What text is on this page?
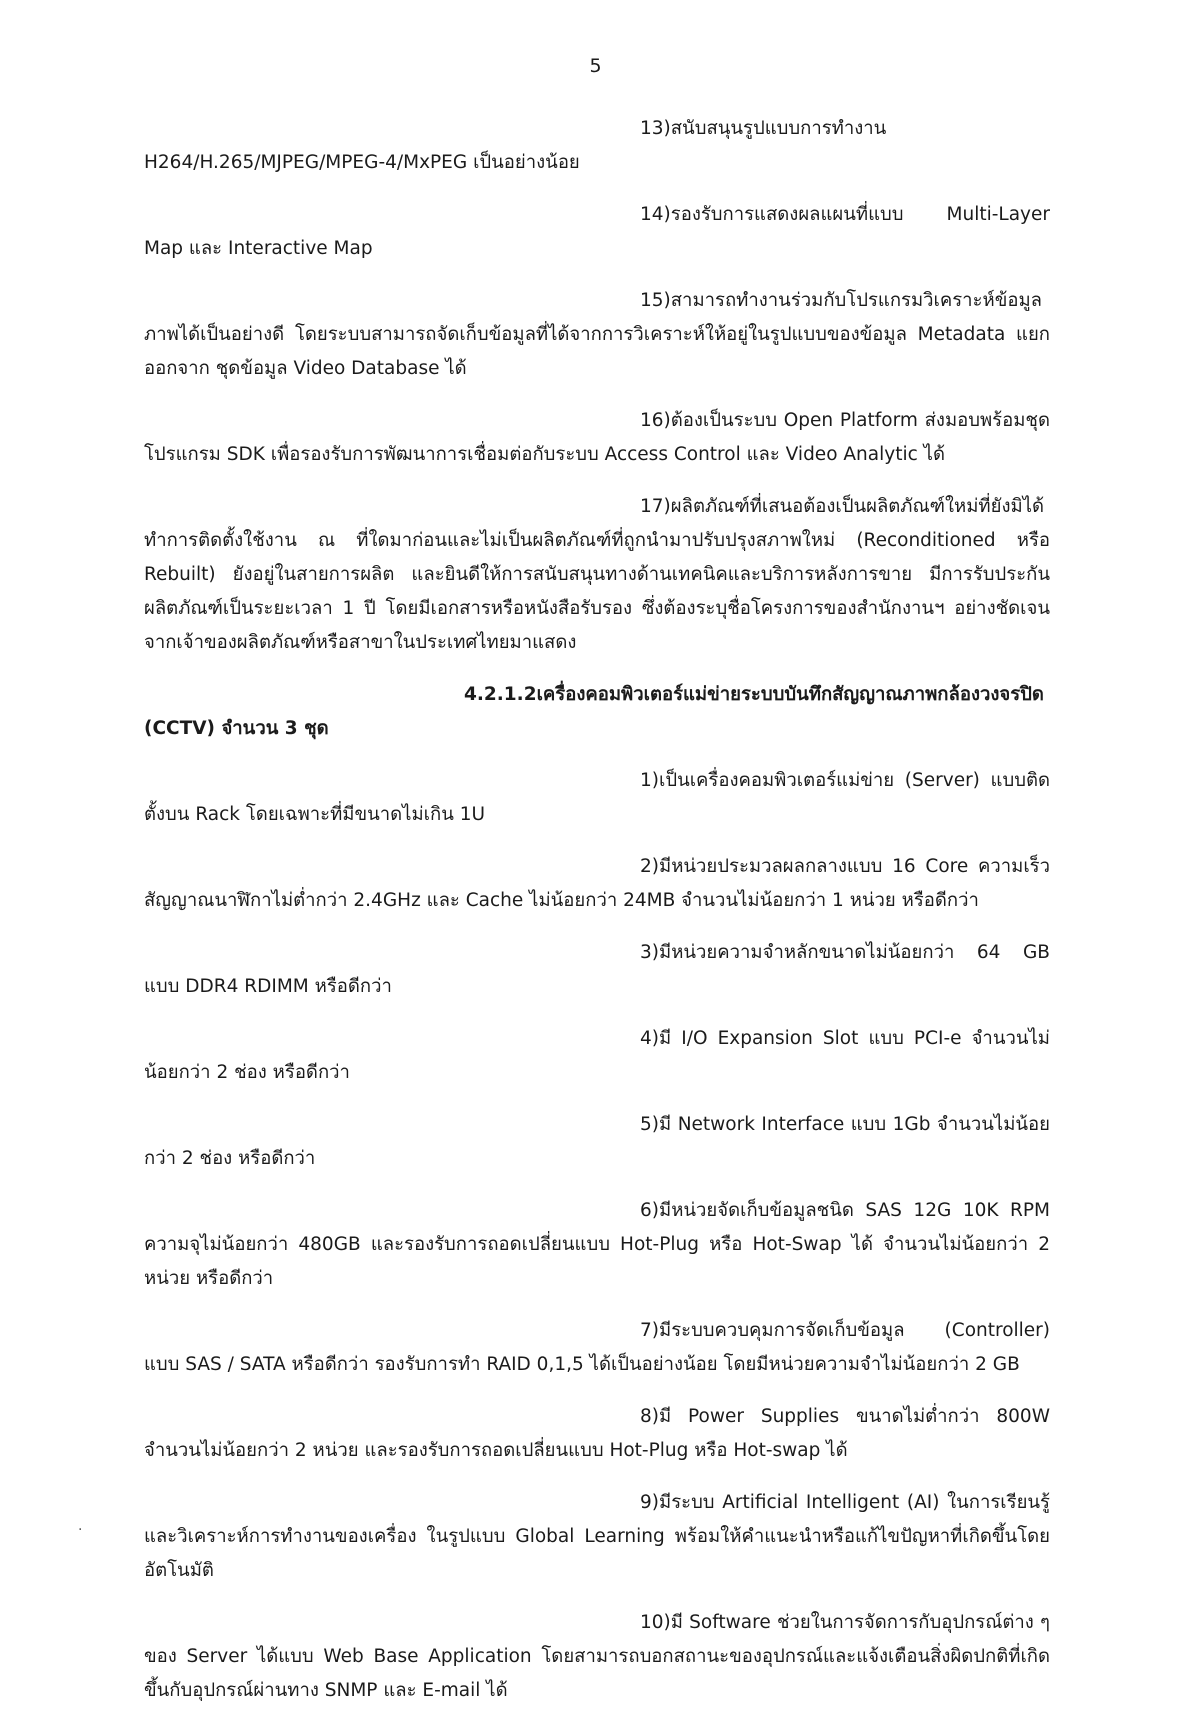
5

13)สนับสนุนรูปแบบการทำงาน H264/H.265/MJPEG/MPEG-4/MxPEG เป็นอย่างน้อย

14)รองรับการแสดงผลแผนที่แบบ Multi-Layer Map และ Interactive Map

15)สามารถทำงานร่วมกับโปรแกรมวิเคราะห์ข้อมูลภาพได้เป็นอย่างดี โดยระบบสามารถจัดเก็บข้อมูลที่ได้จากการวิเคราะห์ให้อยู่ในรูปแบบของข้อมูล Metadata แยกออกจาก ชุดข้อมูล Video Database ได้

16)ต้องเป็นระบบ Open Platform ส่งมอบพร้อมชุดโปรแกรม SDK เพื่อรองรับการพัฒนาการเชื่อมต่อกับระบบ Access Control และ Video Analytic ได้

17)ผลิตภัณฑ์ที่เสนอต้องเป็นผลิตภัณฑ์ใหม่ที่ยังมิได้ทำการติดตั้งใช้งาน ณ ที่ใดมาก่อนและไม่เป็นผลิตภัณฑ์ที่ถูกนำมาปรับปรุงสภาพใหม่ (Reconditioned หรือ Rebuilt) ยังอยู่ในสายการผลิต และยินดีให้การสนับสนุนทางด้านเทคนิคและบริการหลังการขาย มีการรับประกันผลิตภัณฑ์เป็นระยะเวลา 1 ปี โดยมีเอกสารหรือหนังสือรับรอง ซึ่งต้องระบุชื่อโครงการของสำนักงานฯ อย่างชัดเจนจากเจ้าของผลิตภัณฑ์หรือสาขาในประเทศไทยมาแสดง

4.2.1.2เครื่องคอมพิวเตอร์แม่ข่ายระบบบันทึกสัญญาณภาพกล้องวงจรปิด (CCTV) จำนวน 3 ชุด

1)เป็นเครื่องคอมพิวเตอร์แม่ข่าย (Server) แบบติดตั้งบน Rack โดยเฉพาะที่มีขนาดไม่เกิน 1U

2)มีหน่วยประมวลผลกลางแบบ 16 Core ความเร็วสัญญาณนาฬิกาไม่ต่ำกว่า 2.4GHz และ Cache ไม่น้อยกว่า 24MB จำนวนไม่น้อยกว่า 1 หน่วย หรือดีกว่า

3)มีหน่วยความจำหลักขนาดไม่น้อยกว่า 64 GB แบบ DDR4 RDIMM หรือดีกว่า

4)มี I/O Expansion Slot แบบ PCI-e จำนวนไม่น้อยกว่า 2 ช่อง หรือดีกว่า

5)มี Network Interface แบบ 1Gb จำนวนไม่น้อยกว่า 2 ช่อง หรือดีกว่า

6)มีหน่วยจัดเก็บข้อมูลชนิด SAS 12G 10K RPM ความจุไม่น้อยกว่า 480GB และรองรับการถอดเปลี่ยนแบบ Hot-Plug หรือ Hot-Swap ได้ จำนวนไม่น้อยกว่า 2 หน่วย หรือดีกว่า

7)มีระบบควบคุมการจัดเก็บข้อมูล (Controller) แบบ SAS / SATA หรือดีกว่า รองรับการทำ RAID 0,1,5 ได้เป็นอย่างน้อย โดยมีหน่วยความจำไม่น้อยกว่า 2 GB

8)มี Power Supplies ขนาดไม่ต่ำกว่า 800W จำนวนไม่น้อยกว่า 2 หน่วย และรองรับการถอดเปลี่ยนแบบ Hot-Plug หรือ Hot-swap ได้

9)มีระบบ Artificial Intelligent (AI) ในการเรียนรู้และวิเคราะห์การทำงานของเครื่อง ในรูปแบบ Global Learning พร้อมให้คำแนะนำหรือแก้ไขปัญหาที่เกิดขึ้นโดยอัตโนมัติ

10)มี Software ช่วยในการจัดการกับอุปกรณ์ต่าง ๆ ของ Server ได้แบบ Web Base Application โดยสามารถบอกสถานะของอุปกรณ์และแจ้งเตือนสิ่งผิดปกติที่เกิดขึ้นกับอุปกรณ์ผ่านทาง SNMP และ E-mail ได้

·
